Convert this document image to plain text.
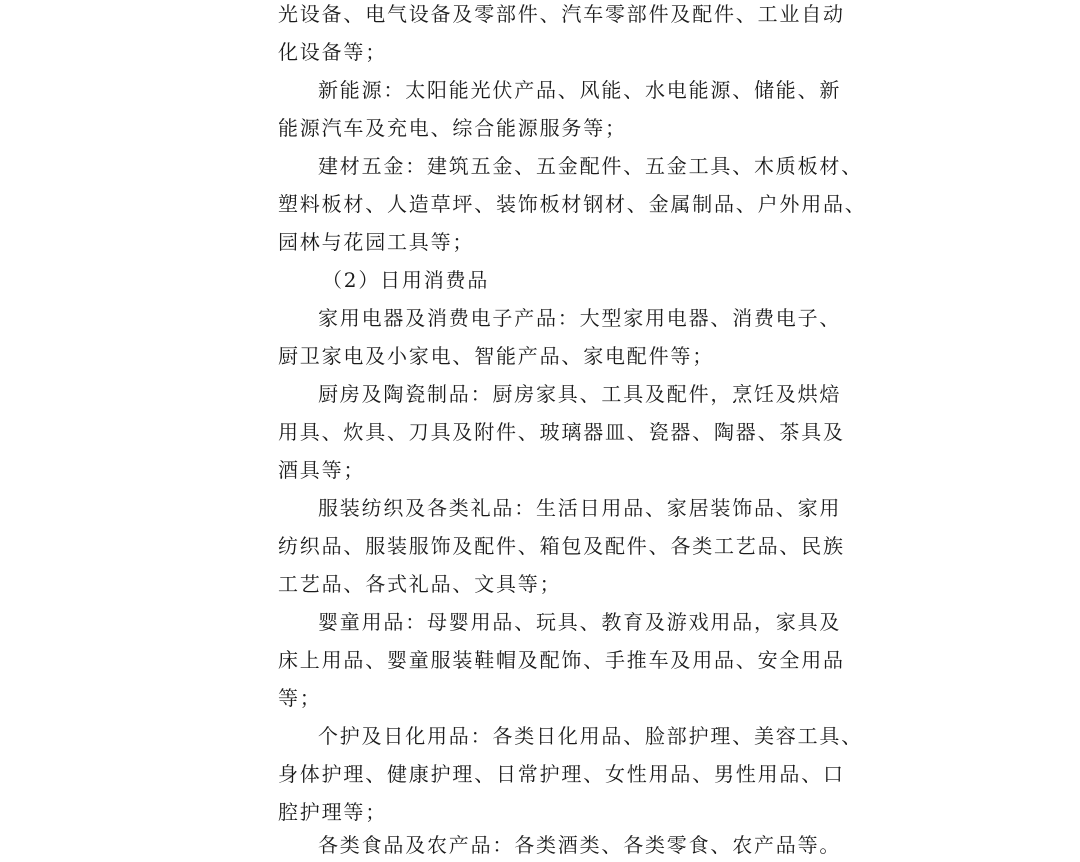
光设备、电气设备及零部件、汽车零部件及配件、工业自动
化设备等；
新能源：太阳能光伏产品、风能、水电能源、储能、新
能源汽车及充电、综合能源服务等；
建材五金：建筑五金、五金配件、五金工具、木质板材、
塑料板材、人造草坪、装饰板材钢材、金属制品、户外用品、
园林与花园工具等；
（2）日用消费品
家用电器及消费电子产品：大型家用电器、消费电子、
厨卫家电及小家电、智能产品、家电配件等；
厨房及陶瓷制品：厨房家具、工具及配件，烹饪及烘焙
用具、炊具、刀具及附件、玻璃器皿、瓷器、陶器、茶具及
酒具等；
服装纺织及各类礼品：生活日用品、家居装饰品、家用
纺织品、服装服饰及配件、箱包及配件、各类工艺品、民族
工艺品、各式礼品、文具等；
婴童用品：母婴用品、玩具、教育及游戏用品，家具及
床上用品、婴童服装鞋帽及配饰、手推车及用品、安全用品
等；
个护及日化用品：各类日化用品、脸部护理、美容工具、
身体护理、健康护理、日常护理、女性用品、男性用品、口
腔护理等；
各类食品及农产品：各类酒类、各类零食、农产品等。
